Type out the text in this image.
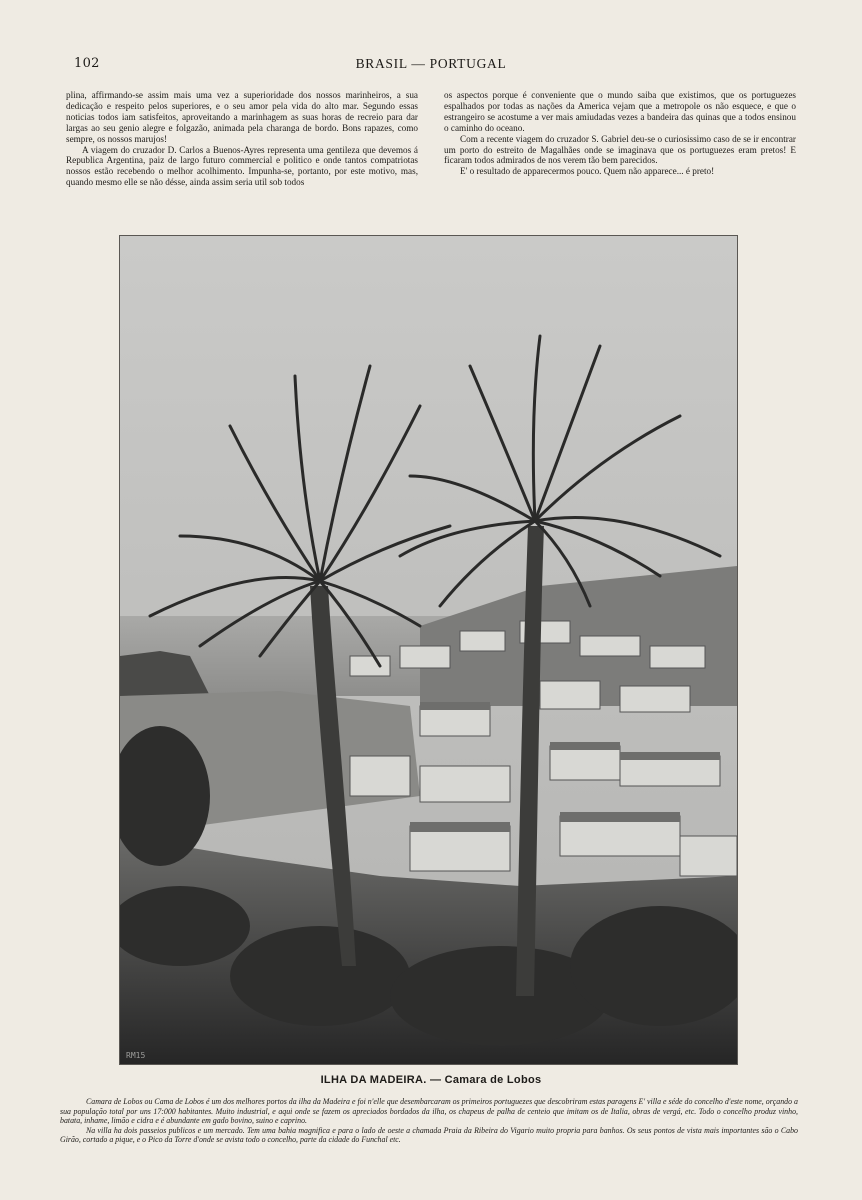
102	BRASIL — PORTUGAL

plina, affirmando-se assim mais uma vez a superioridade dos nossos marinheiros, a sua dedicação e respeito pelos superiores, e o seu amor pela vida do alto mar. Segundo essas noticias todos iam satisfeitos, aproveitando a marinhagem as suas horas de recreio para dar largas ao seu genio alegre e folgazão, animada pela charanga de bordo. Bons rapazes, como sempre, os nossos marujos!

A viagem do cruzador D. Carlos a Buenos-Ayres representa uma gentileza que devemos á Republica Argentina, paiz de largo futuro commercial e politico e onde tantos compatriotas nossos estão recebendo o melhor acolhimento. Impunha-se, portanto, por este motivo, mas, quando mesmo elle se não désse, ainda assim seria util sob todos

os aspectos porque é conveniente que o mundo saiba que existimos, que os portuguezes espalhados por todas as nações da America vejam que a metropole os não esquece, e que o estrangeiro se acostume a ver mais amiudadas vezes a bandeira das quinas que a todos ensinou o caminho do oceano.

Com a recente viagem do cruzador S. Gabriel deu-se o curiosissimo caso de se ir encontrar um porto do estreito de Magalhães onde se imaginava que os portuguezes eram pretos! E ficaram todos admirados de nos verem tão bem parecidos.

E' o resultado de apparecermos pouco. Quem não apparece... é preto!

RM15
ILHA DA MADEIRA. — Camara de Lobos

Camara de Lobos ou Cama de Lobos é um dos melhores portos da ilha da Madeira e foi n'elle que desembarcaram os primeiros portuguezes que descobriram estas paragens E' villa e séde do concelho d'este nome, orçando a sua população total por uns 17:000 habitantes. Muito industrial, e aqui onde se fazem os apreciados bordados da ilha, os chapeus de palha de centeio que imitam os de Italia, obras de vergá, etc. Todo o concelho produz vinho, batata, inhame, limão e cidra e é abundante em gado bovino, suino e caprino.

Na villa ha dois passeios publicos e um mercado. Tem uma bahia magnifica e para o lado de oeste a chamada Praia da Ribeira do Vigario muito propria para banhos. Os seus pontos de vista mais importantes são o Cabo Girão, cortado a pique, e o Pico da Torre d'onde se avista todo o concelho, parte da cidade do Funchal etc.
